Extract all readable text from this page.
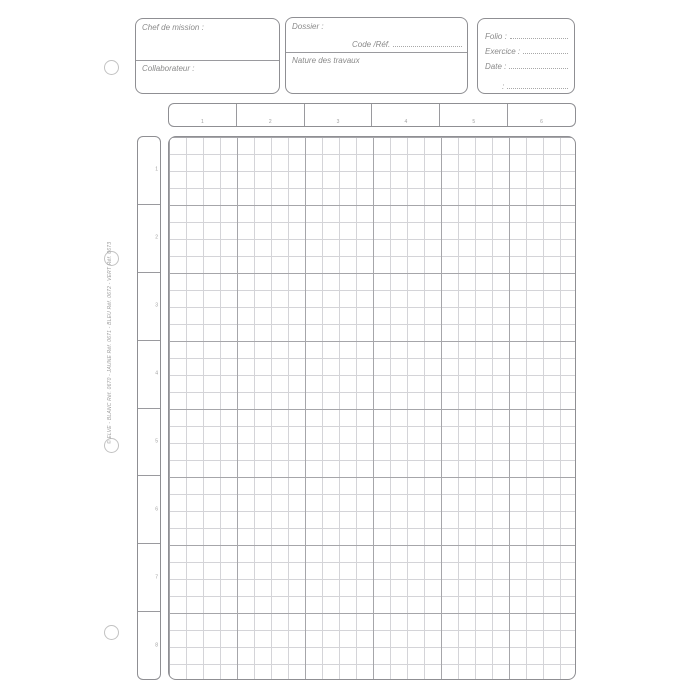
© ELVE - BLANC Réf. 0670 - JAUNE Réf. 0671 - BLEU Réf. 0672 - VERT Réf. 0673
Chef de mission :
Collaborateur :
Dossier :
Code /Réf.
Nature des travaux
Folio :
Exercice :
Date :
:
1	2	3	4	5	6
1
2
3
4
5
6
7
8
